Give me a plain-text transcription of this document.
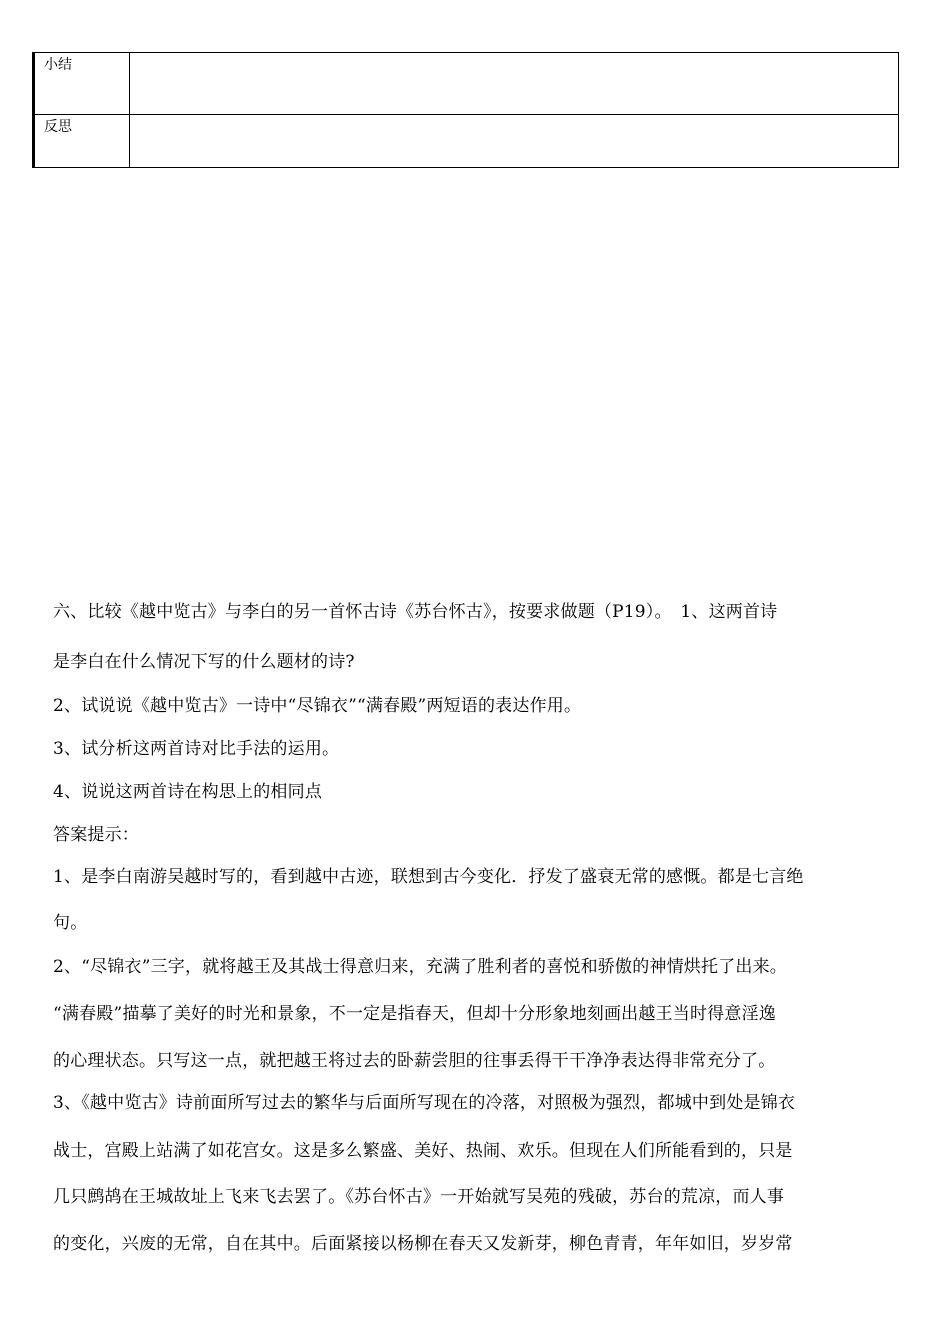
小结	
反思	
六、比较《越中览古》与李白的另一首怀古诗《苏台怀古》，按要求做题（P19）。　1、这两首诗
是李白在什么情况下写的什么题材的诗?
2、试说说《越中览古》一诗中“尽锦衣”“满春殿”两短语的表达作用。
3、试分析这两首诗对比手法的运用。
4、说说这两首诗在构思上的相同点
答案提示：
1、是李白南游吴越时写的，看到越中古迹，联想到古今变化．抒发了盛衰无常的感慨。都是七言绝
句。
2、“尽锦衣”三字，就将越王及其战士得意归来，充满了胜利者的喜悦和骄傲的神情烘托了出来。
“满春殿”描摹了美好的时光和景象，不一定是指春天，但却十分形象地刻画出越王当时得意淫逸
的心理状态。只写这一点，就把越王将过去的卧薪尝胆的往事丢得干干净净表达得非常充分了。
3、《越中览古》诗前面所写过去的繁华与后面所写现在的冷落，对照极为强烈，都城中到处是锦衣
战士，宫殿上站满了如花宫女。这是多么繁盛、美好、热闹、欢乐。但现在人们所能看到的，只是
几只鹧鸪在王城故址上飞来飞去罢了。《苏台怀古》一开始就写吴苑的残破，苏台的荒凉，而人事
的变化，兴废的无常，自在其中。后面紧接以杨柳在春天又发新芽，柳色青青，年年如旧，岁岁常
